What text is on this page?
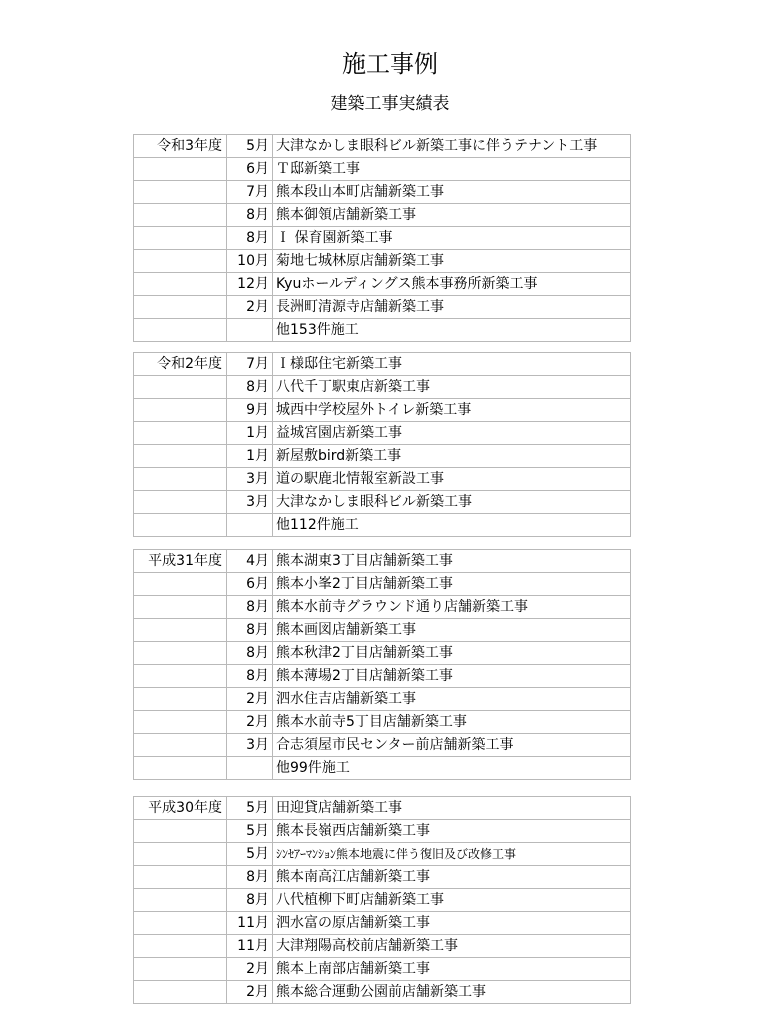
施工事例
建築工事実績表
令和3年度	5月	大津なかしま眼科ビル新築工事に伴うテナント工事
	6月	Ｔ邸新築工事
	7月	熊本段山本町店舗新築工事
	8月	熊本御領店舗新築工事
	8月	Ｉ 保育園新築工事
	10月	菊地七城林原店舗新築工事
	12月	Kyuホールディングス熊本事務所新築工事
	2月	長洲町清源寺店舗新築工事
		他153件施工
令和2年度	7月	Ｉ様邸住宅新築工事
	8月	八代千丁駅東店新築工事
	9月	城西中学校屋外トイレ新築工事
	1月	益城宮園店新築工事
	1月	新屋敷bird新築工事
	3月	道の駅鹿北情報室新設工事
	3月	大津なかしま眼科ビル新築工事
		他112件施工
平成31年度	4月	熊本湖東3丁目店舗新築工事
	6月	熊本小峯2丁目店舗新築工事
	8月	熊本水前寺グラウンド通り店舗新築工事
	8月	熊本画図店舗新築工事
	8月	熊本秋津2丁目店舗新築工事
	8月	熊本薄場2丁目店舗新築工事
	2月	泗水住吉店舗新築工事
	2月	熊本水前寺5丁目店舗新築工事
	3月	合志須屋市民センター前店舗新築工事
		他99件施工
平成30年度	5月	田迎貸店舗新築工事
	5月	熊本長嶺西店舗新築工事
	5月	ｼﾝｾｱｰﾏﾝｼｮﾝ熊本地震に伴う復旧及び改修工事
	8月	熊本南高江店舗新築工事
	8月	八代植柳下町店舗新築工事
	11月	泗水富の原店舗新築工事
	11月	大津翔陽高校前店舗新築工事
	2月	熊本上南部店舗新築工事
	2月	熊本総合運動公園前店舗新築工事
